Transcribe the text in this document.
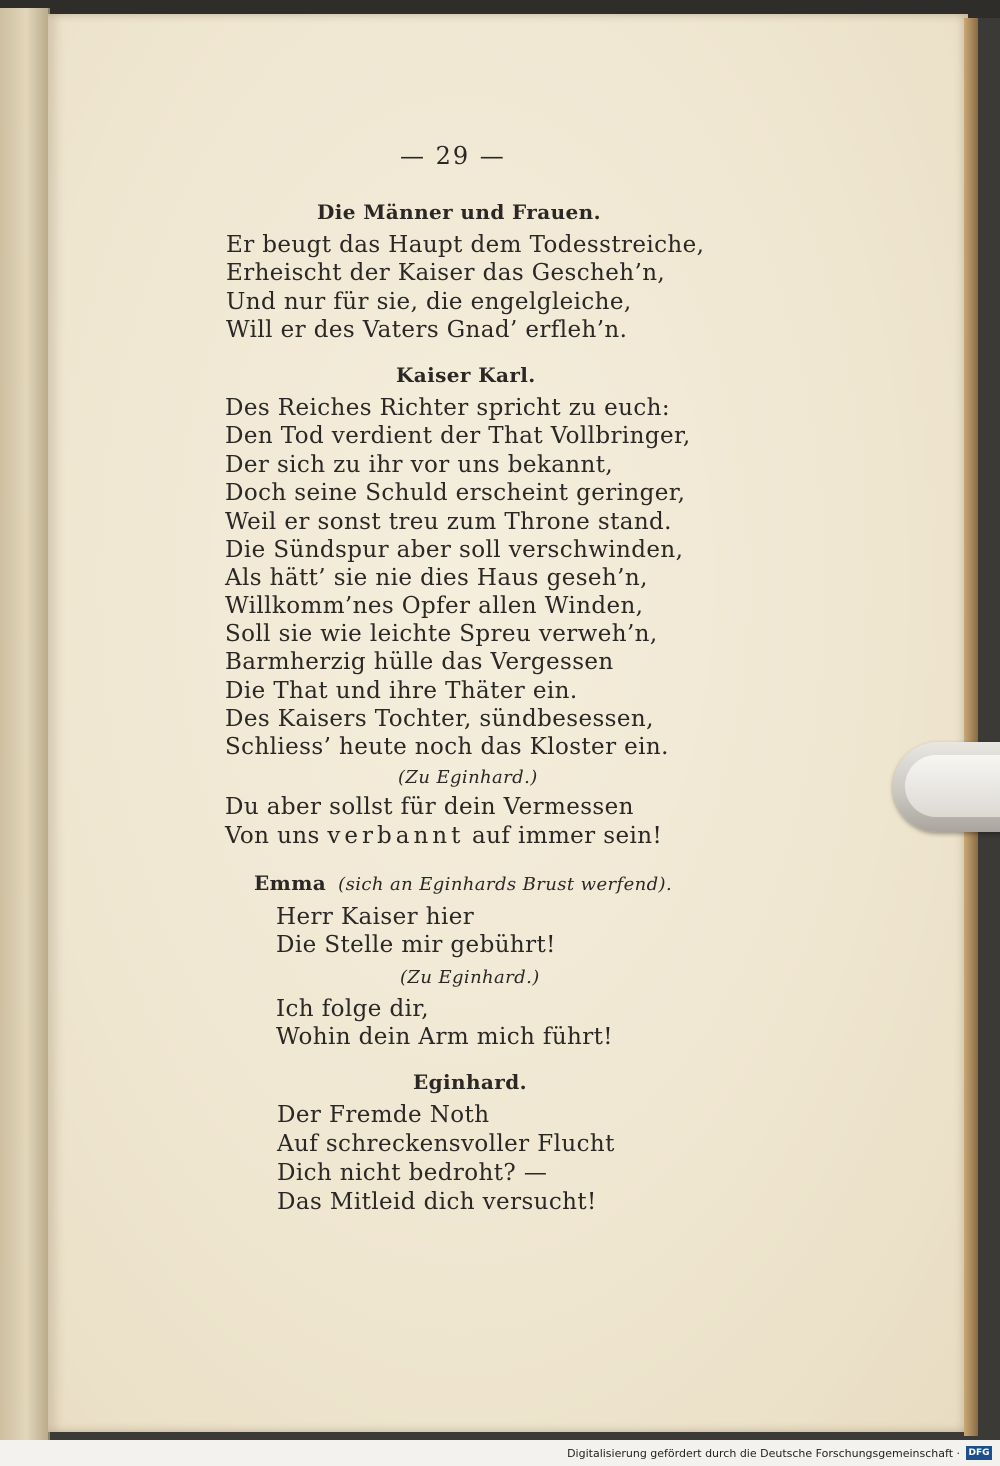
— 29 —
Die Männer und Frauen.
Er beugt das Haupt dem Todesstreiche,
Erheischt der Kaiser das Gescheh’n,
Und nur für sie, die engelgleiche,
Will er des Vaters Gnad’ erfleh’n.
Kaiser Karl.
Des Reiches Richter spricht zu euch:
Den Tod verdient der That Vollbringer,
Der sich zu ihr vor uns bekannt,
Doch seine Schuld erscheint geringer,
Weil er sonst treu zum Throne stand.
Die Sündspur aber soll verschwinden,
Als hätt’ sie nie dies Haus geseh’n,
Willkomm’nes Opfer allen Winden,
Soll sie wie leichte Spreu verweh’n,
Barmherzig hülle das Vergessen
Die That und ihre Thäter ein.
Des Kaisers Tochter, sündbesessen,
Schliess’ heute noch das Kloster ein.
(Zu Eginhard.)
Du aber sollst für dein Vermessen
Von uns verbannt auf immer sein!
Emma (sich an Eginhards Brust werfend).
Herr Kaiser hier
Die Stelle mir gebührt!
(Zu Eginhard.)
Ich folge dir,
Wohin dein Arm mich führt!
Eginhard.
Der Fremde Noth
Auf schreckensvoller Flucht
Dich nicht bedroht? —
Das Mitleid dich versucht!
Digitalisierung gefördert durch die Deutsche Forschungsgemeinschaft · DFG
